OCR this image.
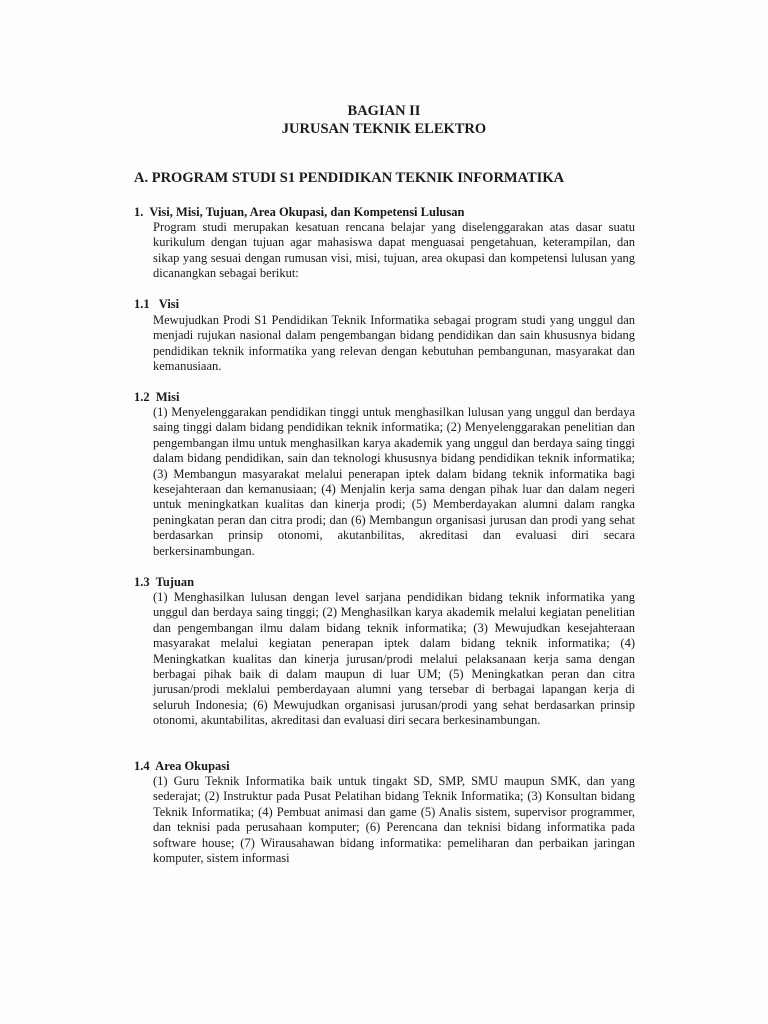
BAGIAN II
JURUSAN TEKNIK ELEKTRO
A. PROGRAM STUDI S1 PENDIDIKAN TEKNIK INFORMATIKA
1.  Visi, Misi, Tujuan, Area Okupasi, dan Kompetensi Lulusan

Program studi merupakan kesatuan rencana belajar yang diselenggarakan atas dasar suatu kurikulum dengan tujuan agar mahasiswa dapat menguasai pengetahuan, keterampilan, dan sikap yang sesuai dengan rumusan visi, misi, tujuan, area okupasi dan kompetensi lulusan yang dicanangkan sebagai berikut:

1.1   Visi

Mewujudkan Prodi S1 Pendidikan Teknik Informatika sebagai program studi yang unggul dan menjadi rujukan nasional dalam pengembangan bidang pendidikan dan sain khususnya bidang pendidikan teknik informatika yang relevan dengan kebutuhan pembangunan, masyarakat dan kemanusiaan.

1.2  Misi

(1) Menyelenggarakan pendidikan tinggi untuk menghasilkan lulusan yang unggul dan berdaya saing tinggi dalam bidang pendidikan teknik informatika; (2) Menyelenggarakan penelitian dan pengembangan ilmu untuk menghasilkan karya akademik yang unggul dan berdaya saing tinggi dalam bidang pendidikan, sain dan teknologi khususnya bidang pendidikan teknik informatika; (3) Membangun masyarakat melalui penerapan iptek dalam bidang teknik informatika bagi kesejahteraan dan kemanusiaan; (4) Menjalin kerja sama dengan pihak luar dan dalam negeri untuk meningkatkan kualitas dan kinerja prodi; (5) Memberdayakan alumni dalam rangka peningkatan peran dan citra prodi; dan (6) Membangun organisasi jurusan dan prodi yang sehat berdasarkan prinsip otonomi, akutanbilitas, akreditasi dan evaluasi diri secara berkersinambungan.

1.3  Tujuan

(1) Menghasilkan lulusan dengan level sarjana pendidikan bidang teknik informatika yang unggul dan berdaya saing tinggi; (2) Menghasilkan karya akademik melalui kegiatan penelitian dan pengembangan ilmu dalam bidang teknik informatika; (3) Mewujudkan kesejahteraan masyarakat melalui kegiatan penerapan iptek dalam bidang teknik informatika; (4) Meningkatkan kualitas dan kinerja jurusan/prodi melalui pelaksanaan kerja sama dengan berbagai pihak baik di dalam maupun di luar UM; (5) Meningkatkan peran dan citra jurusan/prodi meklalui pemberdayaan alumni yang tersebar di berbagai lapangan kerja di seluruh Indonesia; (6) Mewujudkan organisasi jurusan/prodi yang sehat berdasarkan prinsip otonomi, akuntabilitas, akreditasi dan evaluasi diri secara berkesinambungan.

1.4  Area Okupasi

(1) Guru Teknik Informatika baik untuk tingakt SD, SMP, SMU maupun SMK, dan yang sederajat; (2) Instruktur pada Pusat Pelatihan bidang Teknik Informatika; (3) Konsultan bidang Teknik Informatika; (4) Pembuat animasi dan game (5) Analis sistem, supervisor programmer, dan teknisi pada perusahaan komputer; (6) Perencana dan teknisi bidang informatika pada software house; (7) Wirausahawan bidang informatika: pemeliharan dan perbaikan jaringan komputer, sistem informasi
